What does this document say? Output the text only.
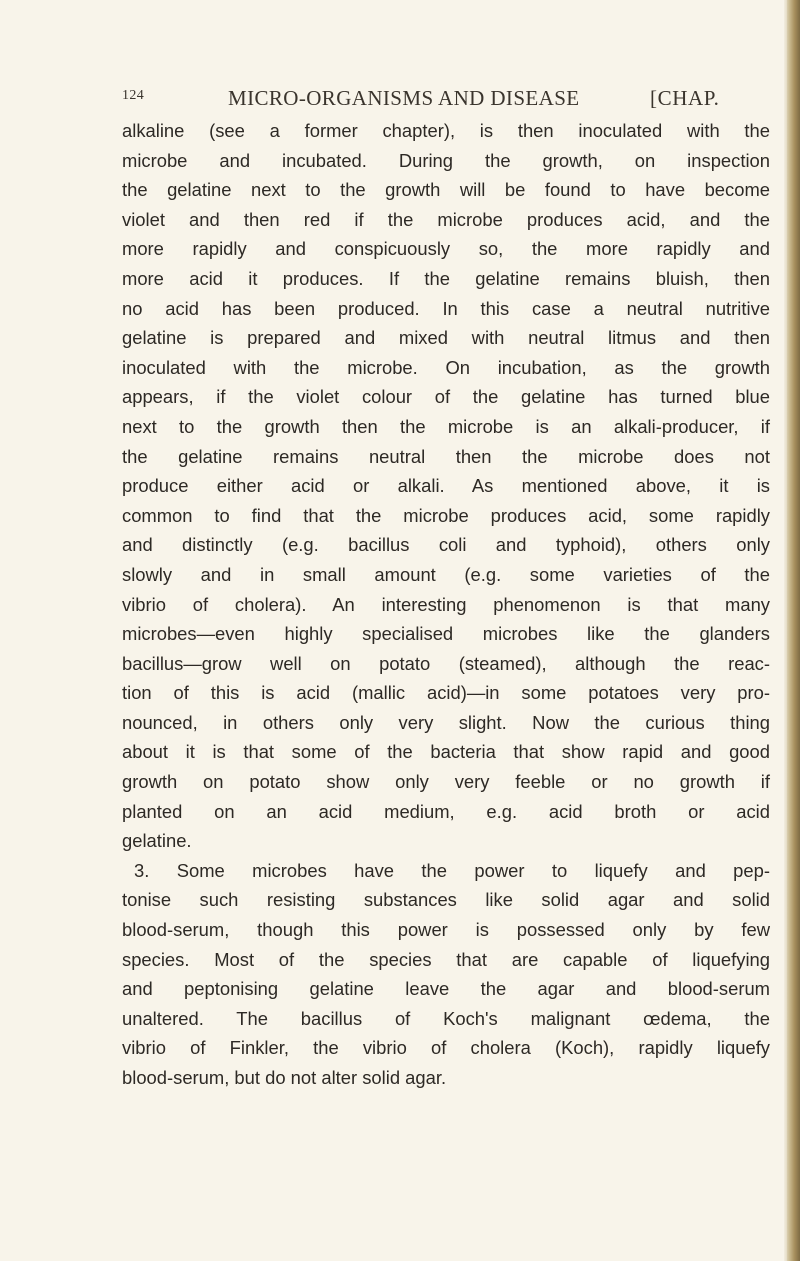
124	MICRO-ORGANISMS AND DISEASE	[CHAP.
alkaline (see a former chapter), is then inoculated with the
microbe and incubated. During the growth, on inspection
the gelatine next to the growth will be found to have become
violet and then red if the microbe produces acid, and the
more rapidly and conspicuously so, the more rapidly and
more acid it produces. If the gelatine remains bluish, then
no acid has been produced. In this case a neutral nutritive
gelatine is prepared and mixed with neutral litmus and then
inoculated with the microbe. On incubation, as the growth
appears, if the violet colour of the gelatine has turned blue
next to the growth then the microbe is an alkali-producer, if
the gelatine remains neutral then the microbe does not
produce either acid or alkali. As mentioned above, it is
common to find that the microbe produces acid, some rapidly
and distinctly (e.g. bacillus coli and typhoid), others only
slowly and in small amount (e.g. some varieties of the
vibrio of cholera). An interesting phenomenon is that many
microbes—even highly specialised microbes like the glanders
bacillus—grow well on potato (steamed), although the reac-
tion of this is acid (mallic acid)—in some potatoes very pro-
nounced, in others only very slight. Now the curious thing
about it is that some of the bacteria that show rapid and good
growth on potato show only very feeble or no growth if
planted on an acid medium, e.g. acid broth or acid
gelatine.
3. Some microbes have the power to liquefy and pep-
tonise such resisting substances like solid agar and solid
blood-serum, though this power is possessed only by few
species. Most of the species that are capable of liquefying
and peptonising gelatine leave the agar and blood-serum
unaltered. The bacillus of Koch's malignant œdema, the
vibrio of Finkler, the vibrio of cholera (Koch), rapidly liquefy
blood-serum, but do not alter solid agar.
